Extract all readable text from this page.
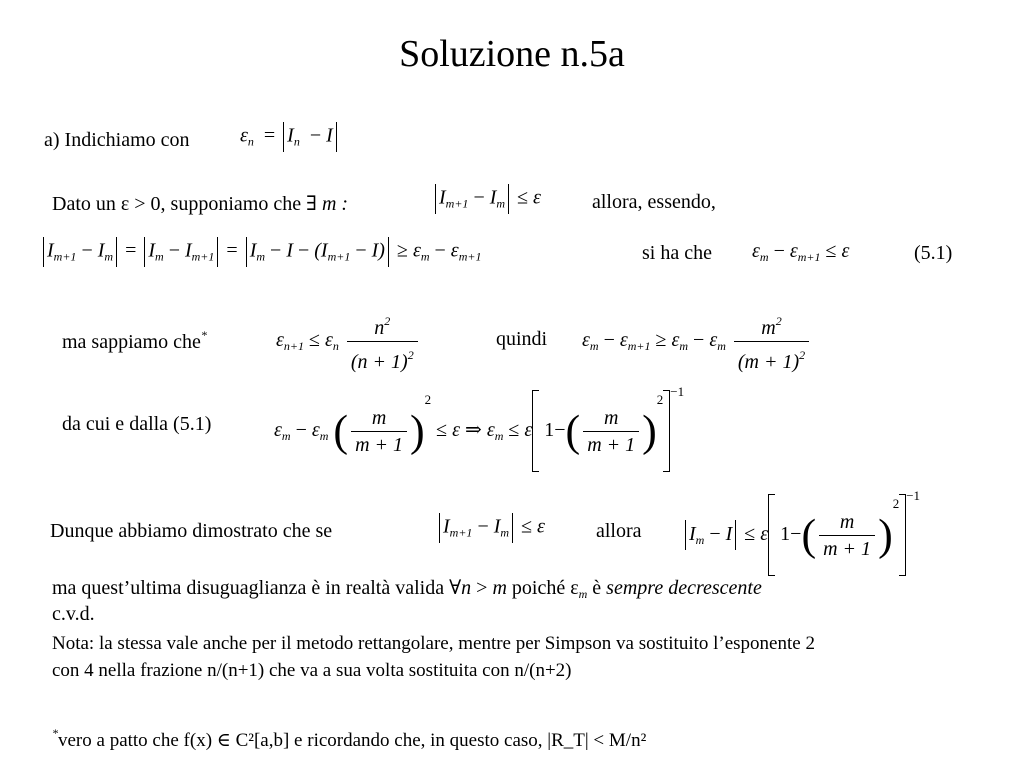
Soluzione n.5a
a) Indichiamo con	$\varepsilon_n = I_n - I$
Dato un ε > 0, supponiamo che ∃ m :	$I_{m+1} - I_m \le \varepsilon$	allora, essendo,
$I_{m+1} - I_m = I_m - I_{m+1} = I_m - I - (I_{m+1} - I) \ge \varepsilon_m - \varepsilon_{m+1}$	si ha che $\varepsilon_m - \varepsilon_{m+1} \le \varepsilon$	(5.1)
ma sappiamo che*	$\varepsilon_{n+1} \le \varepsilon_n \frac{n^2}{(n + 1)^2}$	quindi $\varepsilon_m - \varepsilon_{m+1} \ge \varepsilon_m - \varepsilon_m \frac{m^2}{(m + 1)^2}$
da cui e dalla (5.1)	$\varepsilon_m - \varepsilon_m$ ( $\frac{m}{m + 1} )^2 \le \varepsilon$ ⇒ $\varepsilon_m \le \varepsilon$ $1-( \frac{m}{m + 1} )^{2-1}$
Dunque abbiamo dimostrato che se	$I_{m+1} - I_m \le \varepsilon$	allora	$I_m - I \le \varepsilon$ $1-( \frac{m}{m + 1} )^{2-1}$
ma quest’ultima disuguaglianza è in realtà valida ∀n > m poiché $\varepsilon_m$ è sempre decrescente
c.v.d.
Nota: la stessa vale anche per il metodo rettangolare, mentre per Simpson va sostituito l’esponente 2
con 4 nella frazione n/(n+1) che va a sua volta sostituita con n/(n+2)
*vero a patto che f(x) ∈ C²[a,b] e ricordando che, in questo caso, |R_T| < M/n²
